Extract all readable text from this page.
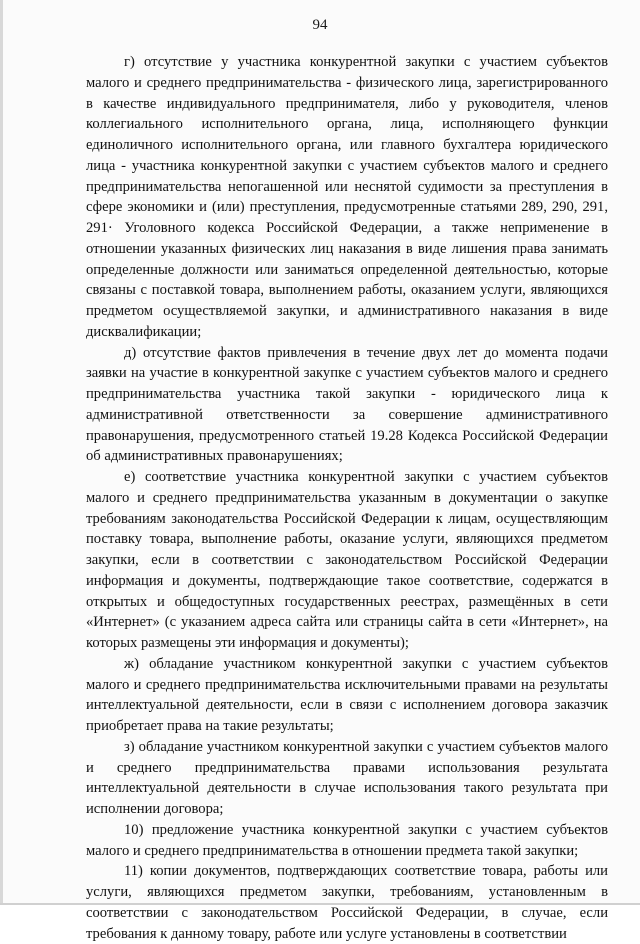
94

г) отсутствие у участника конкурентной закупки с участием субъектов малого и среднего предпринимательства - физического лица, зарегистрированного в качестве индивидуального предпринимателя, либо у руководителя, членов коллегиального исполнительного органа, лица, исполняющего функции единоличного исполнительного органа, или главного бухгалтера юридического лица - участника конкурентной закупки с участием субъектов малого и среднего предпринимательства непогашенной или неснятой судимости за преступления в сфере экономики и (или) преступления, предусмотренные статьями 289, 290, 291, 291· Уголовного кодекса Российской Федерации, а также неприменение в отношении указанных физических лиц наказания в виде лишения права занимать определенные должности или заниматься определенной деятельностью, которые связаны с поставкой товара, выполнением работы, оказанием услуги, являющихся предметом осуществляемой закупки, и административного наказания в виде дисквалификации;

д) отсутствие фактов привлечения в течение двух лет до момента подачи заявки на участие в конкурентной закупке с участием субъектов малого и среднего предпринимательства участника такой закупки - юридического лица к административной ответственности за совершение административного правонарушения, предусмотренного статьей 19.28 Кодекса Российской Федерации об административных правонарушениях;

е) соответствие участника конкурентной закупки с участием субъектов малого и среднего предпринимательства указанным в документации о закупке требованиям законодательства Российской Федерации к лицам, осуществляющим поставку товара, выполнение работы, оказание услуги, являющихся предметом закупки, если в соответствии с законодательством Российской Федерации информация и документы, подтверждающие такое соответствие, содержатся в открытых и общедоступных государственных реестрах, размещённых в сети «Интернет» (с указанием адреса сайта или страницы сайта в сети «Интернет», на которых размещены эти информация и документы);

ж) обладание участником конкурентной закупки с участием субъектов малого и среднего предпринимательства исключительными правами на результаты интеллектуальной деятельности, если в связи с исполнением договора заказчик приобретает права на такие результаты;

з) обладание участником конкурентной закупки с участием субъектов малого и среднего предпринимательства правами использования результата интеллектуальной деятельности в случае использования такого результата при исполнении договора;

10) предложение участника конкурентной закупки с участием субъектов малого и среднего предпринимательства в отношении предмета такой закупки;

11) копии документов, подтверждающих соответствие товара, работы или услуги, являющихся предметом закупки, требованиям, установленным в соответствии с законодательством Российской Федерации, в случае, если требования к данному товару, работе или услуге установлены в соответствии
